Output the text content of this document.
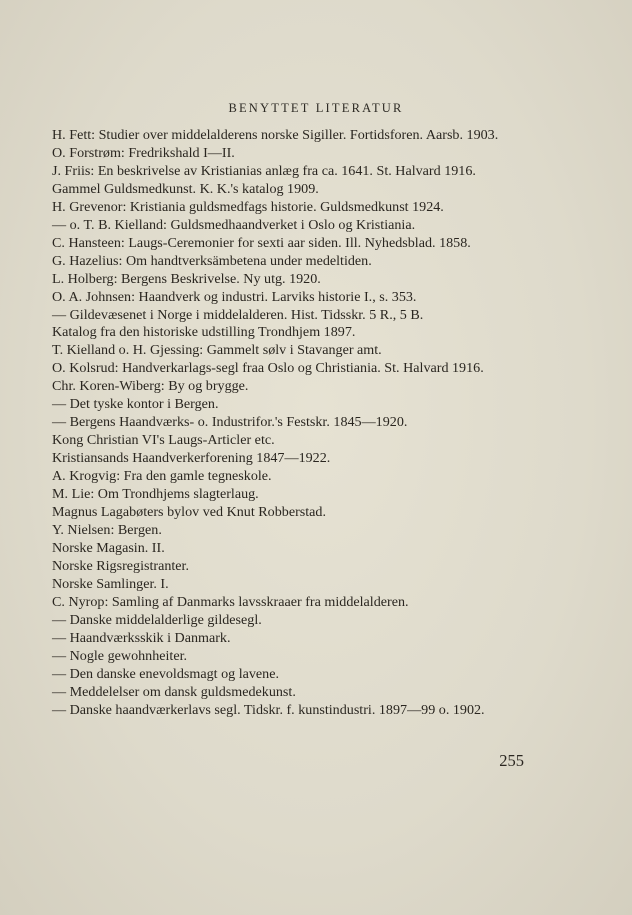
BENYTTET LITERATUR
H. Fett: Studier over middelalderens norske Sigiller. Fortidsforen. Aarsb. 1903.
O. Forstrøm: Fredrikshald I—II.
J. Friis: En beskrivelse av Kristianias anlæg fra ca. 1641. St. Halvard 1916.
Gammel Guldsmedkunst. K. K.'s katalog 1909.
H. Grevenor: Kristiania guldsmedfags historie. Guldsmedkunst 1924.
— o. T. B. Kielland: Guldsmedhaandverket i Oslo og Kristiania.
C. Hansteen: Laugs-Ceremonier for sexti aar siden. Ill. Nyhedsblad. 1858.
G. Hazelius: Om handtverksämbetena under medeltiden.
L. Holberg: Bergens Beskrivelse. Ny utg. 1920.
O. A. Johnsen: Haandverk og industri. Larviks historie I., s. 353.
— Gildevæsenet i Norge i middelalderen. Hist. Tidsskr. 5 R., 5 B.
Katalog fra den historiske udstilling Trondhjem 1897.
T. Kielland o. H. Gjessing: Gammelt sølv i Stavanger amt.
O. Kolsrud: Handverkarlags-segl fraa Oslo og Christiania. St. Halvard 1916.
Chr. Koren-Wiberg: By og brygge.
— Det tyske kontor i Bergen.
— Bergens Haandværks- o. Industrifor.'s Festskr. 1845—1920.
Kong Christian VI's Laugs-Articler etc.
Kristiansands Haandverkerforening 1847—1922.
A. Krogvig: Fra den gamle tegneskole.
M. Lie: Om Trondhjems slagterlaug.
Magnus Lagabøters bylov ved Knut Robberstad.
Y. Nielsen: Bergen.
Norske Magasin. II.
Norske Rigsregistranter.
Norske Samlinger. I.
C. Nyrop: Samling af Danmarks lavsskraaer fra middelalderen.
— Danske middelalderlige gildesegl.
— Haandværksskik i Danmark.
— Nogle gewohnheiter.
— Den danske enevoldsmagt og lavene.
— Meddelelser om dansk guldsmedekunst.
— Danske haandværkerlavs segl. Tidskr. f. kunstindustri. 1897—99 o. 1902.
255
